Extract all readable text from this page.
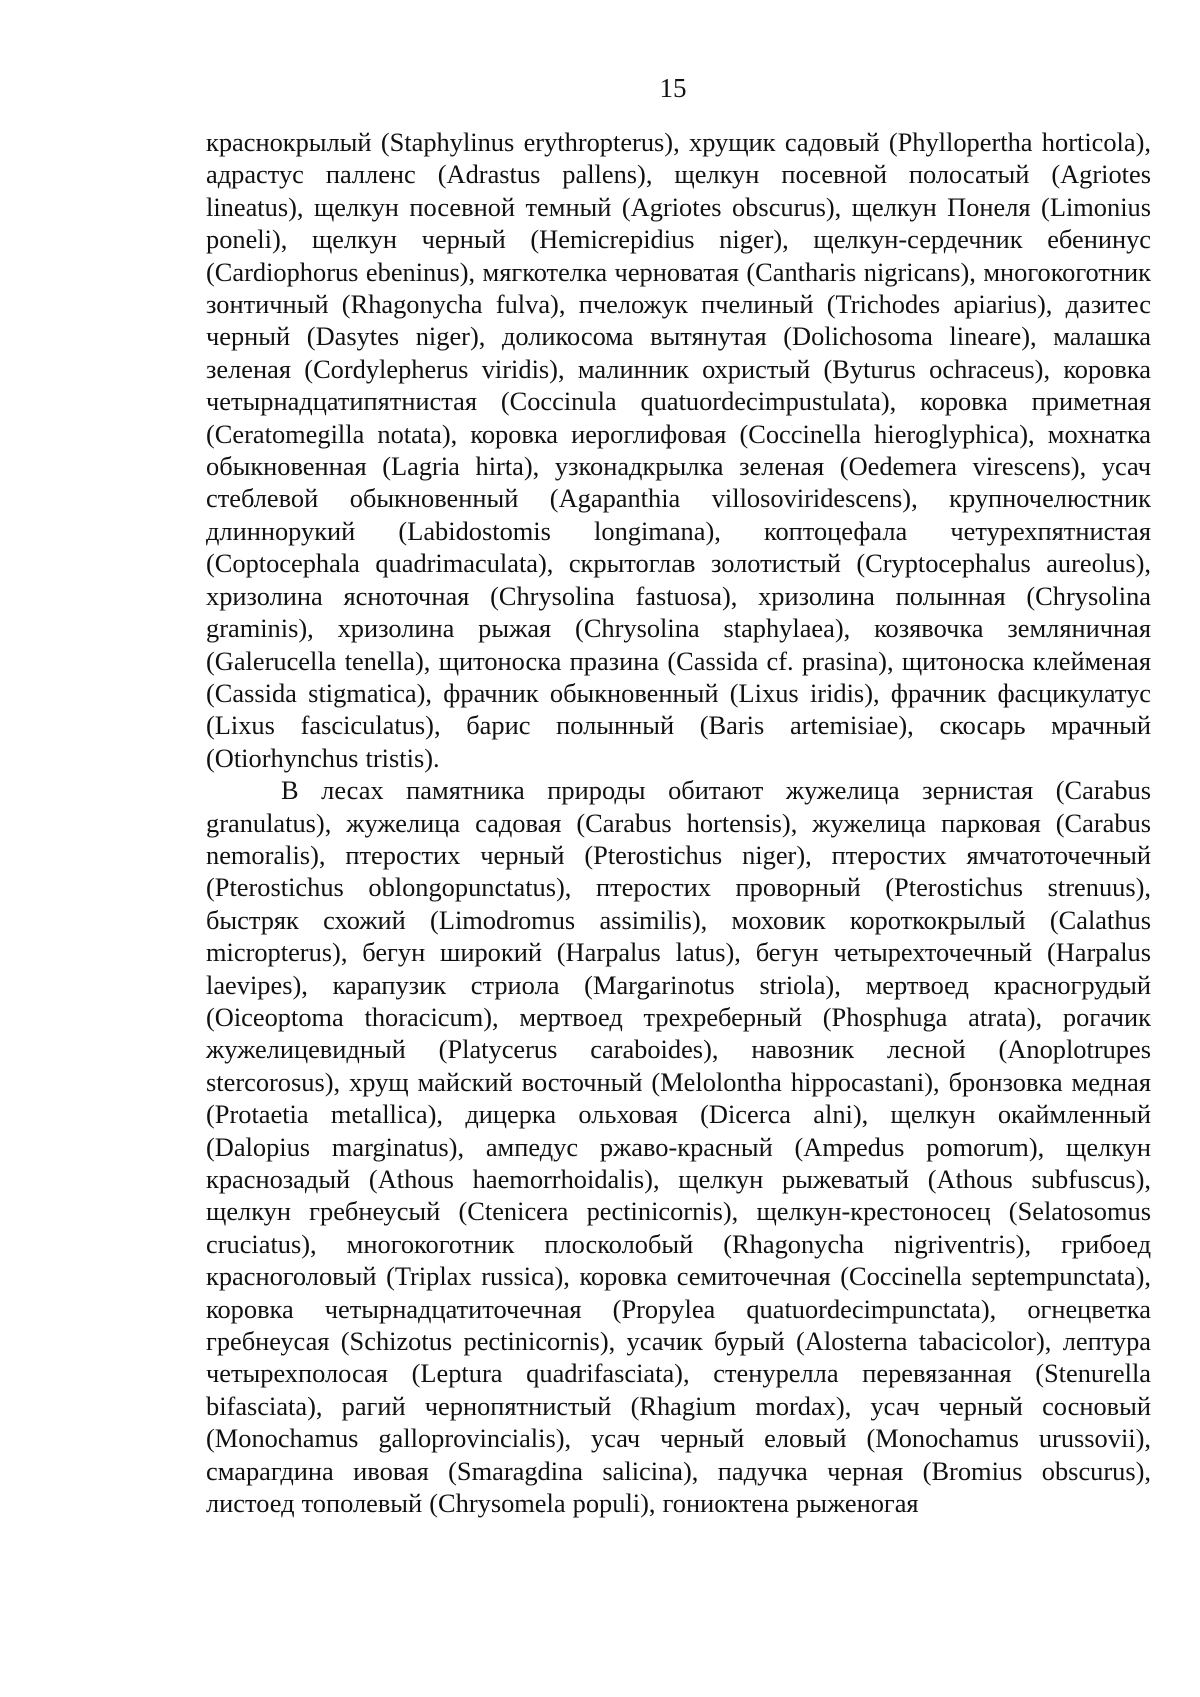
15

краснокрылый (Staphylinus erythropterus), хрущик садовый (Phyllopertha horticola), адрастус палленс (Adrastus pallens), щелкун посевной полосатый (Agriotes lineatus), щелкун посевной темный (Agriotes obscurus), щелкун Понеля (Limonius poneli), щелкун черный (Hemicrepidius niger), щелкун-сердечник ебенинус (Cardiophorus ebeninus), мягкотелка черноватая (Cantharis nigricans), многокоготник зонтичный (Rhagonycha fulva), пчеложук пчелиный (Trichodes apiarius), дазитес черный (Dasytes niger), доликосома вытянутая (Dolichosoma lineare), малашка зеленая (Cordylepherus viridis), малинник охристый (Byturus ochraceus), коровка четырнадцатипятнистая (Coccinula quatuordecimpustulata), коровка приметная (Ceratomegilla notata), коровка иероглифовая (Coccinella hieroglyphica), мохнатка обыкновенная (Lagria hirta), узконадкрылка зеленая (Oedemera virescens), усач стеблевой обыкновенный (Agapanthia villosoviridescens), крупночелюстник длиннорукий (Labidostomis longimana), коптоцефала четурехпятнистая (Coptocephala quadrimaculata), скрытоглав золотистый (Cryptocephalus aureolus), хризолина ясноточная (Chrysolina fastuosa), хризолина полынная (Chrysolina graminis), хризолина рыжая (Chrysolina staphylaea), козявочка земляничная (Galerucella tenella), щитоноска празина (Cassida cf. prasina), щитоноска клейменая (Cassida stigmatica), фрачник обыкновенный (Lixus iridis), фрачник фасцикулатус (Lixus fasciculatus), барис полынный (Baris artemisiae), скосарь мрачный (Otiorhynchus tristis).

В лесах памятника природы обитают жужелица зернистая (Carabus granulatus), жужелица садовая (Carabus hortensis), жужелица парковая (Carabus nemoralis), птеростих черный (Pterostichus niger), птеростих ямчатоточечный (Pterostichus oblongopunctatus), птеростих проворный (Pterostichus strenuus), быстряк схожий (Limodromus assimilis), моховик короткокрылый (Calathus micropterus), бегун широкий (Harpalus latus), бегун четырехточечный (Harpalus laevipes), карапузик стриола (Margarinotus striola), мертвоед красногрудый (Oiceoptoma thoracicum), мертвоед трехреберный (Phosphuga atrata), рогачик жужелицевидный (Platycerus caraboides), навозник лесной (Anoplotrupes stercorosus), хрущ майский восточный (Melolontha hippocastani), бронзовка медная (Protaetia metallica), дицерка ольховая (Dicerca alni), щелкун окаймленный (Dalopius marginatus), ампедус ржаво-красный (Ampedus pomorum), щелкун краснозадый (Athous haemorrhoidalis), щелкун рыжеватый (Athous subfuscus), щелкун гребнеусый (Ctenicera pectinicornis), щелкун-крестоносец (Selatosomus cruciatus), многокоготник плосколобый (Rhagonycha nigriventris), грибоед красноголовый (Triplax russica), коровка семиточечная (Coccinella septempunctata), коровка четырнадцатиточечная (Propylea quatuordecimpunctata), огнецветка гребнеусая (Schizotus pectinicornis), усачик бурый (Alosterna tabacicolor), лептура четырехполосая (Leptura quadrifasciata), стенурелла перевязанная (Stenurella bifasciata), рагий чернопятнистый (Rhagium mordax), усач черный сосновый (Monochamus galloprovincialis), усач черный еловый (Monochamus urussovii), смарагдина ивовая (Smaragdina salicina), падучка черная (Bromius obscurus), листоед тополевый (Chrysomela populi), гониоктена рыженогая
